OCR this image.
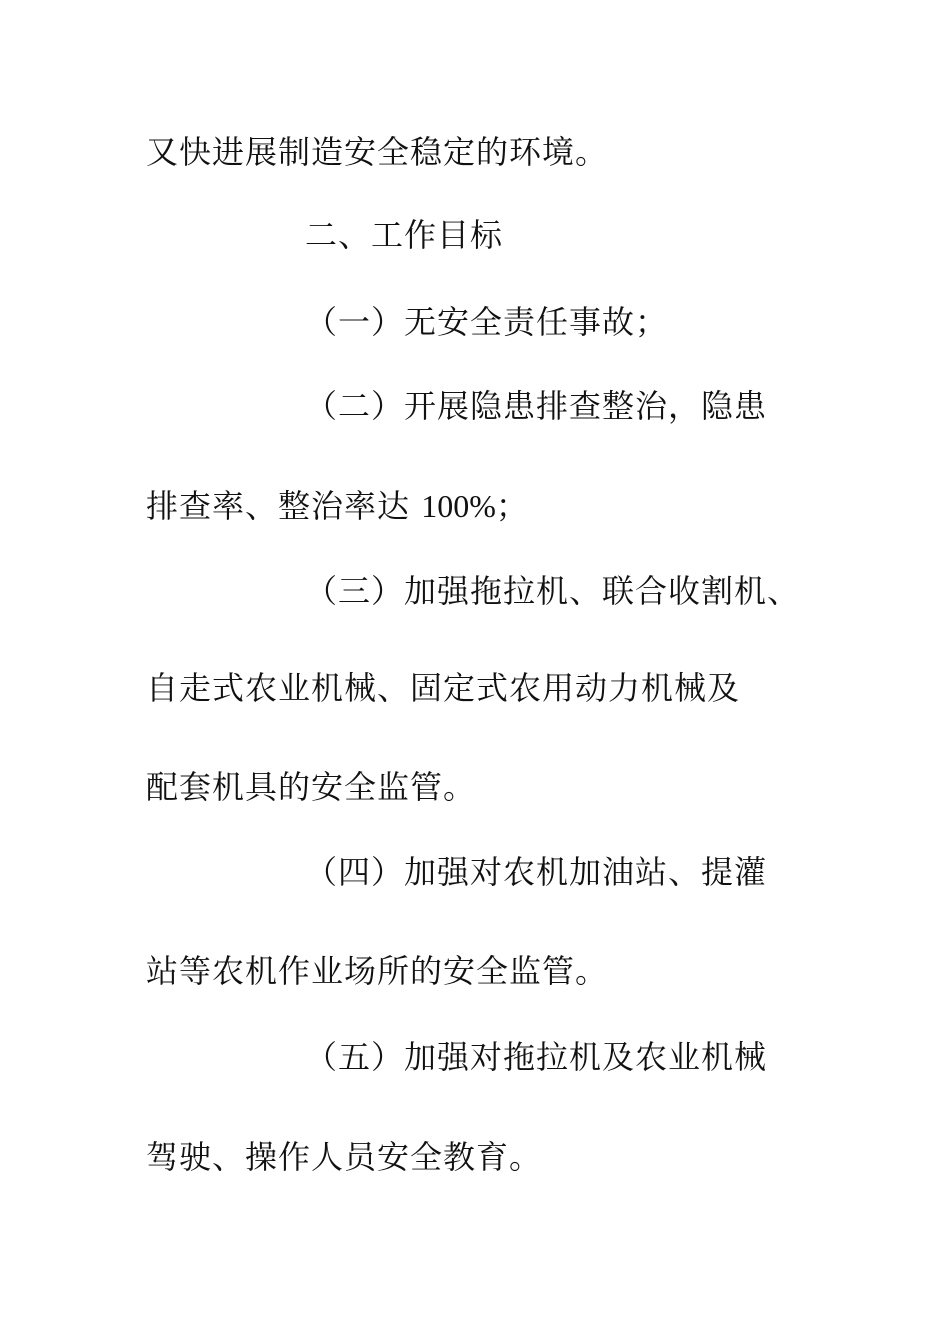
又快进展制造安全稳定的环境。
二、工作目标
（一）无安全责任事故；
（二）开展隐患排查整治，隐患
排查率、整治率达 100%；
（三）加强拖拉机、联合收割机、
自走式农业机械、固定式农用动力机械及
配套机具的安全监管。
（四）加强对农机加油站、提灌
站等农机作业场所的安全监管。
（五）加强对拖拉机及农业机械
驾驶、操作人员安全教育。
